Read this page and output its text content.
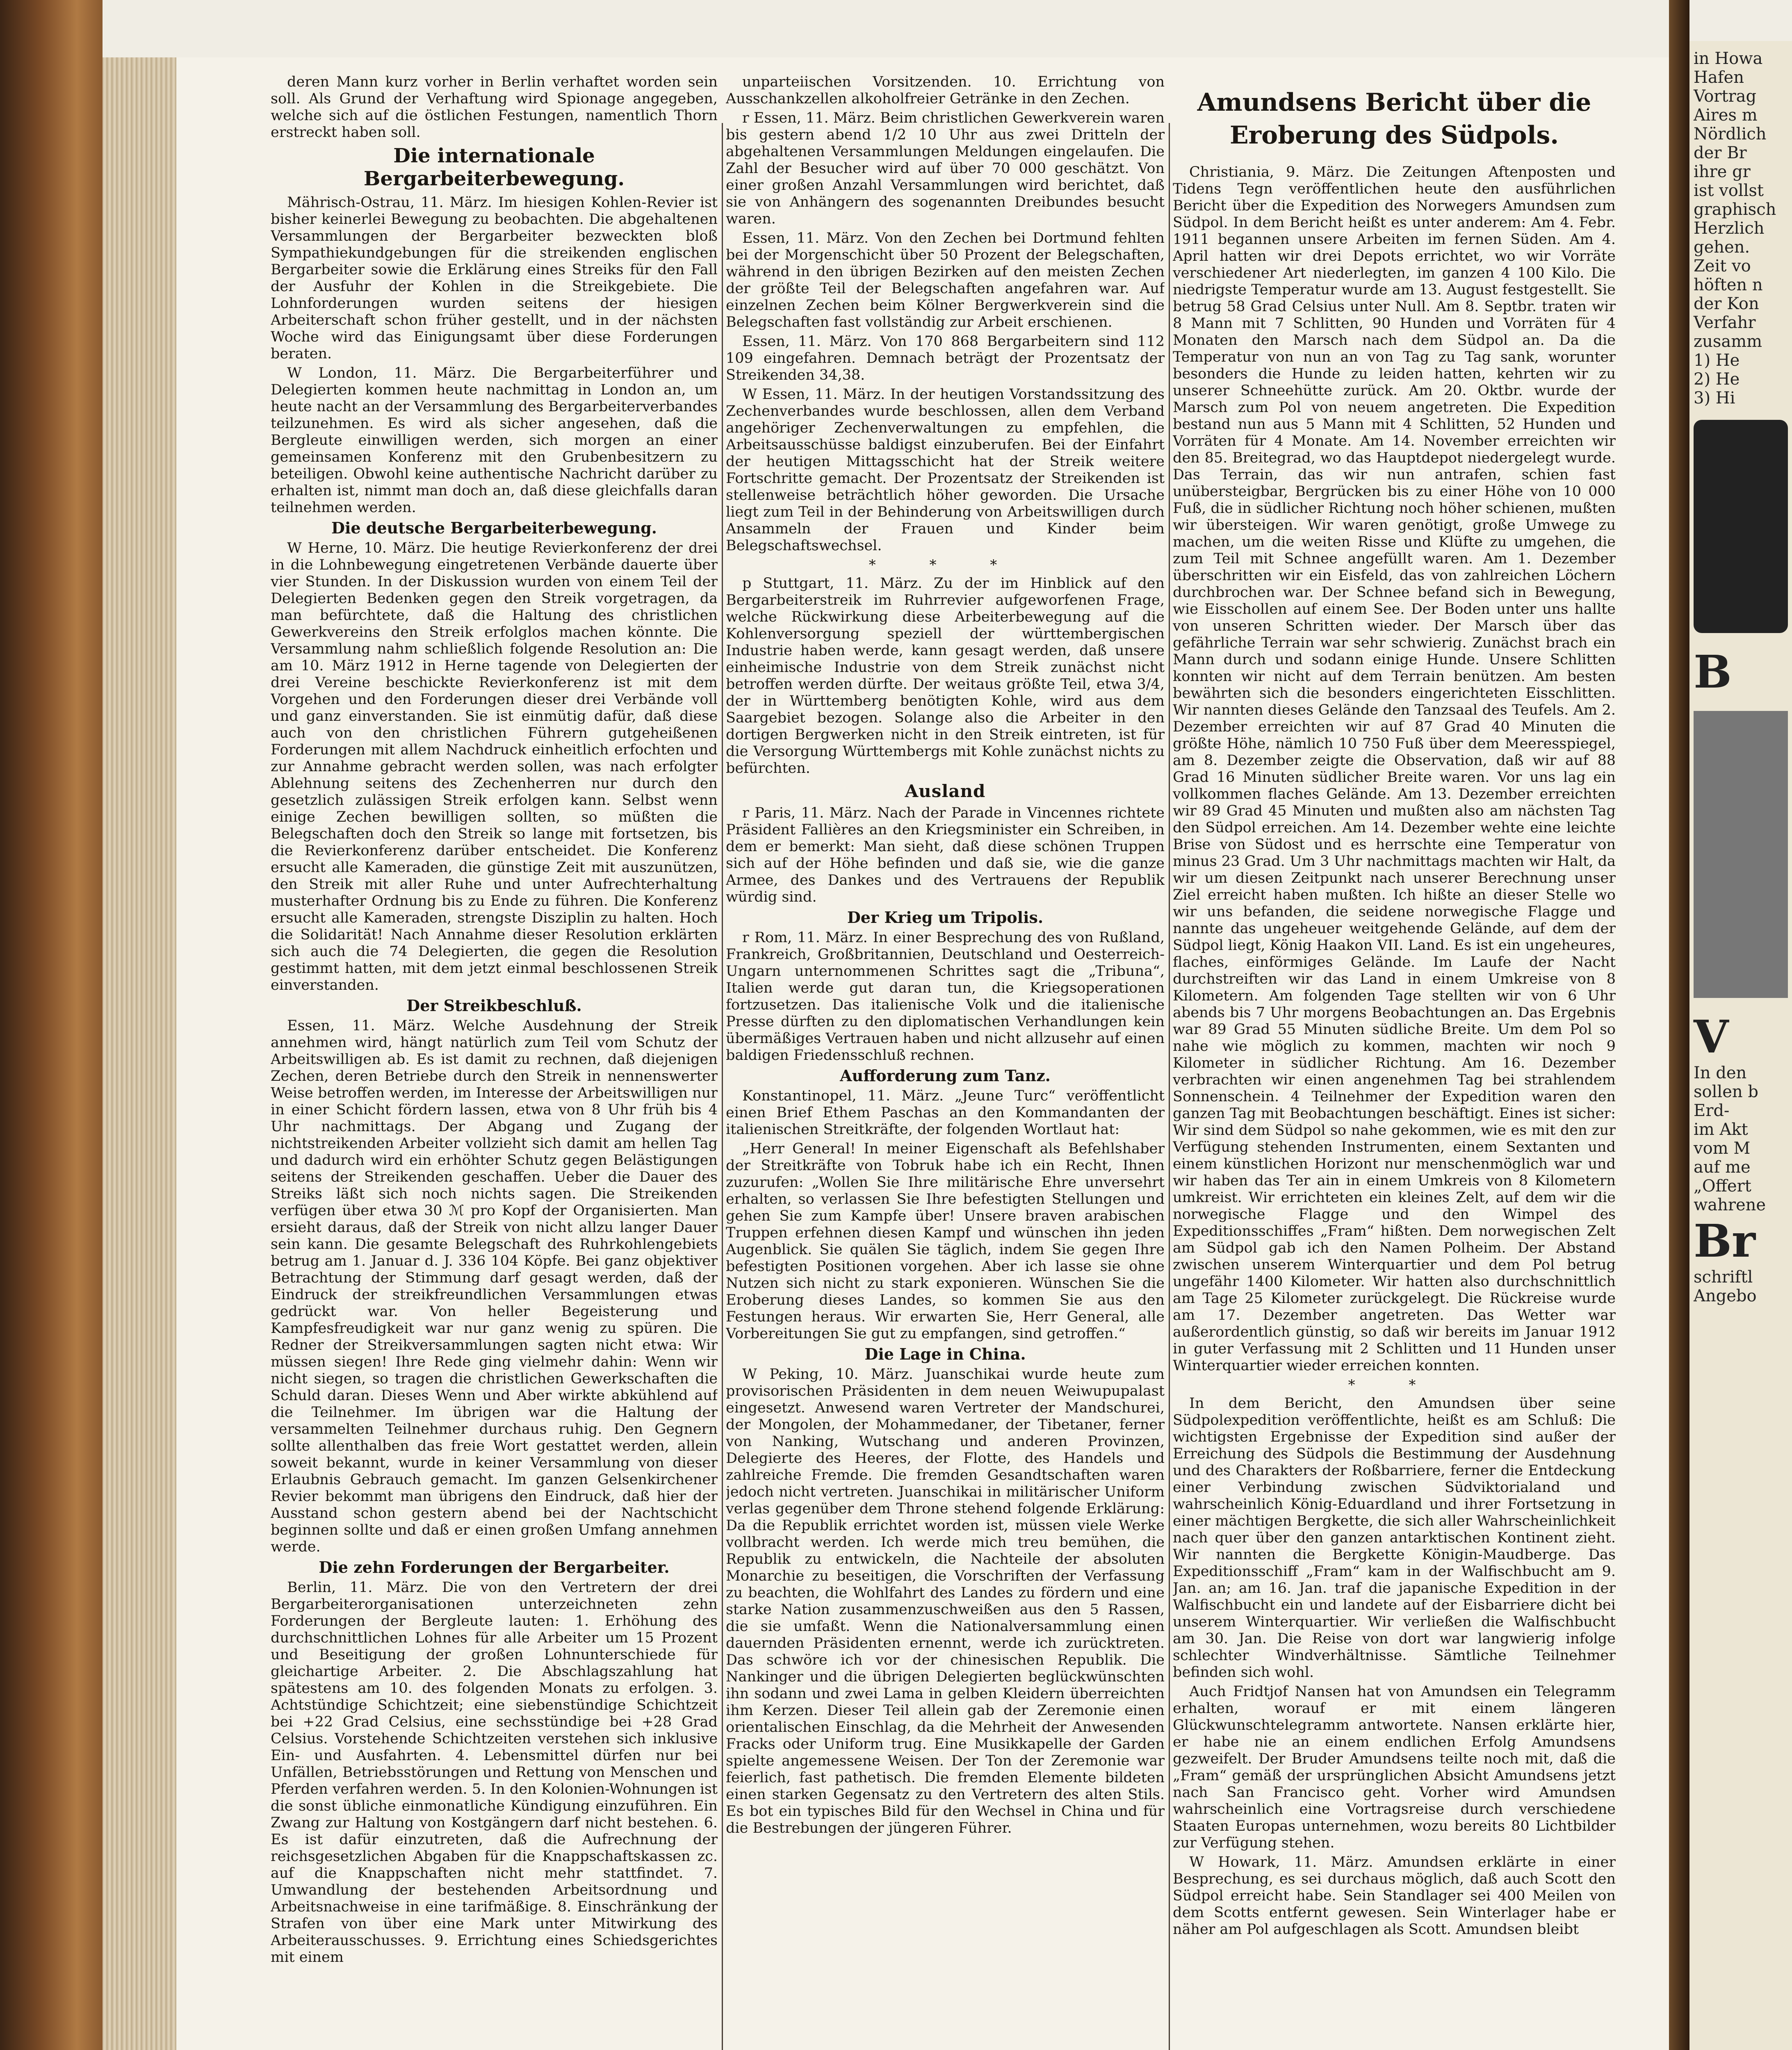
deren Mann kurz vorher in Berlin verhaftet worden sein soll. Als Grund der Verhaftung wird Spionage angegeben, welche sich auf die östlichen Festungen, namentlich Thorn erstreckt haben soll.

Die internationale Bergarbeiterbewegung.

Mährisch-Ostrau, 11. März. Im hiesigen Kohlen-Revier ist bisher keinerlei Bewegung zu beobachten. Die abgehaltenen Versammlungen der Bergarbeiter bezweckten bloß Sympathiekundgebungen für die streikenden englischen Bergarbeiter sowie die Erklärung eines Streiks für den Fall der Ausfuhr der Kohlen in die Streikgebiete. Die Lohnforderungen wurden seitens der hiesigen Arbeiterschaft schon früher gestellt, und in der nächsten Woche wird das Einigungsamt über diese Forderungen beraten.

W London, 11. März. Die Bergarbeiterführer und Delegierten kommen heute nachmittag in London an, um heute nacht an der Versammlung des Bergarbeiterverbandes teilzunehmen. Es wird als sicher angesehen, daß die Bergleute einwilligen werden, sich morgen an einer gemeinsamen Konferenz mit den Grubenbesitzern zu beteiligen. Obwohl keine authentische Nachricht darüber zu erhalten ist, nimmt man doch an, daß diese gleichfalls daran teilnehmen werden.

Die deutsche Bergarbeiterbewegung.

W Herne, 10. März. Die heutige Revierkonferenz der drei in die Lohnbewegung eingetretenen Verbände dauerte über vier Stunden. In der Diskussion wurden von einem Teil der Delegierten Bedenken gegen den Streik vorgetragen, da man befürchtete, daß die Haltung des christlichen Gewerkvereins den Streik erfolglos machen könnte. Die Versammlung nahm schließlich folgende Resolution an: Die am 10. März 1912 in Herne tagende von Delegierten der drei Vereine beschickte Revierkonferenz ist mit dem Vorgehen und den Forderungen dieser drei Verbände voll und ganz einverstanden. Sie ist einmütig dafür, daß diese auch von den christlichen Führern gutgeheißenen Forderungen mit allem Nachdruck einheitlich erfochten und zur Annahme gebracht werden sollen, was nach erfolgter Ablehnung seitens des Zechenherren nur durch den gesetzlich zulässigen Streik erfolgen kann. Selbst wenn einige Zechen bewilligen sollten, so müßten die Belegschaften doch den Streik so lange mit fortsetzen, bis die Revierkonferenz darüber entscheidet. Die Konferenz ersucht alle Kameraden, die günstige Zeit mit auszunützen, den Streik mit aller Ruhe und unter Aufrechterhaltung musterhafter Ordnung bis zu Ende zu führen. Die Konferenz ersucht alle Kameraden, strengste Disziplin zu halten. Hoch die Solidarität! Nach Annahme dieser Resolution erklärten sich auch die 74 Delegierten, die gegen die Resolution gestimmt hatten, mit dem jetzt einmal beschlossenen Streik einverstanden.

Der Streikbeschluß.

Essen, 11. März. Welche Ausdehnung der Streik annehmen wird, hängt natürlich zum Teil vom Schutz der Arbeitswilligen ab. Es ist damit zu rechnen, daß diejenigen Zechen, deren Betriebe durch den Streik in nennenswerter Weise betroffen werden, im Interesse der Arbeitswilligen nur in einer Schicht fördern lassen, etwa von 8 Uhr früh bis 4 Uhr nachmittags. Der Abgang und Zugang der nichtstreikenden Arbeiter vollzieht sich damit am hellen Tag und dadurch wird ein erhöhter Schutz gegen Belästigungen seitens der Streikenden geschaffen. Ueber die Dauer des Streiks läßt sich noch nichts sagen. Die Streikenden verfügen über etwa 30 ℳ pro Kopf der Organisierten. Man ersieht daraus, daß der Streik von nicht allzu langer Dauer sein kann. Die gesamte Belegschaft des Ruhrkohlengebiets betrug am 1. Januar d. J. 336 104 Köpfe. Bei ganz objektiver Betrachtung der Stimmung darf gesagt werden, daß der Eindruck der streikfreundlichen Versammlungen etwas gedrückt war. Von heller Begeisterung und Kampfesfreudigkeit war nur ganz wenig zu spüren. Die Redner der Streikversammlungen sagten nicht etwa: Wir müssen siegen! Ihre Rede ging vielmehr dahin: Wenn wir nicht siegen, so tragen die christlichen Gewerkschaften die Schuld daran. Dieses Wenn und Aber wirkte abkühlend auf die Teilnehmer. Im übrigen war die Haltung der versammelten Teilnehmer durchaus ruhig. Den Gegnern sollte allenthalben das freie Wort gestattet werden, allein soweit bekannt, wurde in keiner Versammlung von dieser Erlaubnis Gebrauch gemacht. Im ganzen Gelsenkirchener Revier bekommt man übrigens den Eindruck, daß hier der Ausstand schon gestern abend bei der Nachtschicht beginnen sollte und daß er einen großen Umfang annehmen werde.

Die zehn Forderungen der Bergarbeiter.

Berlin, 11. März. Die von den Vertretern der drei Bergarbeiterorganisationen unterzeichneten zehn Forderungen der Bergleute lauten: 1. Erhöhung des durchschnittlichen Lohnes für alle Arbeiter um 15 Prozent und Beseitigung der großen Lohnunterschiede für gleichartige Arbeiter. 2. Die Abschlagszahlung hat spätestens am 10. des folgenden Monats zu erfolgen. 3. Achtstündige Schichtzeit; eine siebenstündige Schichtzeit bei +22 Grad Celsius, eine sechsstündige bei +28 Grad Celsius. Vorstehende Schichtzeiten verstehen sich inklusive Ein- und Ausfahrten. 4. Lebensmittel dürfen nur bei Unfällen, Betriebsstörungen und Rettung von Menschen und Pferden verfahren werden. 5. In den Kolonien-Wohnungen ist die sonst übliche einmonatliche Kündigung einzuführen. Ein Zwang zur Haltung von Kostgängern darf nicht bestehen. 6. Es ist dafür einzutreten, daß die Aufrechnung der reichsgesetzlichen Abgaben für die Knappschaftskassen zc. auf die Knappschaften nicht mehr stattfindet. 7. Umwandlung der bestehenden Arbeitsordnung und Arbeitsnachweise in eine tarifmäßige. 8. Einschränkung der Strafen von über eine Mark unter Mitwirkung des Arbeiterausschusses. 9. Errichtung eines Schiedsgerichtes mit einem

unparteiischen Vorsitzenden. 10. Errichtung von Ausschankzellen alkoholfreier Getränke in den Zechen.

r Essen, 11. März. Beim christlichen Gewerkverein waren bis gestern abend 1/2 10 Uhr aus zwei Dritteln der abgehaltenen Versammlungen Meldungen eingelaufen. Die Zahl der Besucher wird auf über 70 000 geschätzt. Von einer großen Anzahl Versammlungen wird berichtet, daß sie von Anhängern des sogenannten Dreibundes besucht waren.

Essen, 11. März. Von den Zechen bei Dortmund fehlten bei der Morgenschicht über 50 Prozent der Belegschaften, während in den übrigen Bezirken auf den meisten Zechen der größte Teil der Belegschaften angefahren war. Auf einzelnen Zechen beim Kölner Bergwerkverein sind die Belegschaften fast vollständig zur Arbeit erschienen.

Essen, 11. März. Von 170 868 Bergarbeitern sind 112 109 eingefahren. Demnach beträgt der Prozentsatz der Streikenden 34,38.

W Essen, 11. März. In der heutigen Vorstandssitzung des Zechenverbandes wurde beschlossen, allen dem Verband angehöriger Zechenverwaltungen zu empfehlen, die Arbeitsausschüsse baldigst einzuberufen. Bei der Einfahrt der heutigen Mittagsschicht hat der Streik weitere Fortschritte gemacht. Der Prozentsatz der Streikenden ist stellenweise beträchtlich höher geworden. Die Ursache liegt zum Teil in der Behinderung von Arbeitswilligen durch Ansammeln der Frauen und Kinder beim Belegschaftswechsel.

* * *

p Stuttgart, 11. März. Zu der im Hinblick auf den Bergarbeiterstreik im Ruhrrevier aufgeworfenen Frage, welche Rückwirkung diese Arbeiterbewegung auf die Kohlenversorgung speziell der württembergischen Industrie haben werde, kann gesagt werden, daß unsere einheimische Industrie von dem Streik zunächst nicht betroffen werden dürfte. Der weitaus größte Teil, etwa 3/4, der in Württemberg benötigten Kohle, wird aus dem Saargebiet bezogen. Solange also die Arbeiter in den dortigen Bergwerken nicht in den Streik eintreten, ist für die Versorgung Württembergs mit Kohle zunächst nichts zu befürchten.

Ausland

r Paris, 11. März. Nach der Parade in Vincennes richtete Präsident Fallières an den Kriegsminister ein Schreiben, in dem er bemerkt: Man sieht, daß diese schönen Truppen sich auf der Höhe befinden und daß sie, wie die ganze Armee, des Dankes und des Vertrauens der Republik würdig sind.

Der Krieg um Tripolis.

r Rom, 11. März. In einer Besprechung des von Rußland, Frankreich, Großbritannien, Deutschland und Oesterreich-Ungarn unternommenen Schrittes sagt die „Tribuna“, Italien werde gut daran tun, die Kriegsoperationen fortzusetzen. Das italienische Volk und die italienische Presse dürften zu den diplomatischen Verhandlungen kein übermäßiges Vertrauen haben und nicht allzusehr auf einen baldigen Friedensschluß rechnen.

Aufforderung zum Tanz.

Konstantinopel, 11. März. „Jeune Turc“ veröffentlicht einen Brief Ethem Paschas an den Kommandanten der italienischen Streitkräfte, der folgenden Wortlaut hat:

„Herr General! In meiner Eigenschaft als Befehlshaber der Streitkräfte von Tobruk habe ich ein Recht, Ihnen zuzurufen: „Wollen Sie Ihre militärische Ehre unversehrt erhalten, so verlassen Sie Ihre befestigten Stellungen und gehen Sie zum Kampfe über! Unsere braven arabischen Truppen erfehnen diesen Kampf und wünschen ihn jeden Augenblick. Sie quälen Sie täglich, indem Sie gegen Ihre befestigten Positionen vorgehen. Aber ich lasse sie ohne Nutzen sich nicht zu stark exponieren. Wünschen Sie die Eroberung dieses Landes, so kommen Sie aus den Festungen heraus. Wir erwarten Sie, Herr General, alle Vorbereitungen Sie gut zu empfangen, sind getroffen.“

Die Lage in China.

W Peking, 10. März. Juanschikai wurde heute zum provisorischen Präsidenten in dem neuen Weiwupupalast eingesetzt. Anwesend waren Vertreter der Mandschurei, der Mongolen, der Mohammedaner, der Tibetaner, ferner von Nanking, Wutschang und anderen Provinzen, Delegierte des Heeres, der Flotte, des Handels und zahlreiche Fremde. Die fremden Gesandtschaften waren jedoch nicht vertreten. Juanschikai in militärischer Uniform verlas gegenüber dem Throne stehend folgende Erklärung: Da die Republik errichtet worden ist, müssen viele Werke vollbracht werden. Ich werde mich treu bemühen, die Republik zu entwickeln, die Nachteile der absoluten Monarchie zu beseitigen, die Vorschriften der Verfassung zu beachten, die Wohlfahrt des Landes zu fördern und eine starke Nation zusammenzuschweißen aus den 5 Rassen, die sie umfaßt. Wenn die Nationalversammlung einen dauernden Präsidenten ernennt, werde ich zurücktreten. Das schwöre ich vor der chinesischen Republik. Die Nankinger und die übrigen Delegierten beglückwünschten ihn sodann und zwei Lama in gelben Kleidern überreichten ihm Kerzen. Dieser Teil allein gab der Zeremonie einen orientalischen Einschlag, da die Mehrheit der Anwesenden Fracks oder Uniform trug. Eine Musikkapelle der Garden spielte angemessene Weisen. Der Ton der Zeremonie war feierlich, fast pathetisch. Die fremden Elemente bildeten einen starken Gegensatz zu den Vertretern des alten Stils. Es bot ein typisches Bild für den Wechsel in China und für die Bestrebungen der jüngeren Führer.

Amundsens Bericht über die Eroberung des Südpols.

Christiania, 9. März. Die Zeitungen Aftenposten und Tidens Tegn veröffentlichen heute den ausführlichen Bericht über die Expedition des Norwegers Amundsen zum Südpol. In dem Bericht heißt es unter anderem: Am 4. Febr. 1911 begannen unsere Arbeiten im fernen Süden. Am 4. April hatten wir drei Depots errichtet, wo wir Vorräte verschiedener Art niederlegten, im ganzen 4 100 Kilo. Die niedrigste Temperatur wurde am 13. August festgestellt. Sie betrug 58 Grad Celsius unter Null. Am 8. Septbr. traten wir 8 Mann mit 7 Schlitten, 90 Hunden und Vorräten für 4 Monaten den Marsch nach dem Südpol an. Da die Temperatur von nun an von Tag zu Tag sank, worunter besonders die Hunde zu leiden hatten, kehrten wir zu unserer Schneehütte zurück. Am 20. Oktbr. wurde der Marsch zum Pol von neuem angetreten. Die Expedition bestand nun aus 5 Mann mit 4 Schlitten, 52 Hunden und Vorräten für 4 Monate. Am 14. November erreichten wir den 85. Breitegrad, wo das Hauptdepot niedergelegt wurde. Das Terrain, das wir nun antrafen, schien fast unübersteigbar, Bergrücken bis zu einer Höhe von 10 000 Fuß, die in südlicher Richtung noch höher schienen, mußten wir übersteigen. Wir waren genötigt, große Umwege zu machen, um die weiten Risse und Klüfte zu umgehen, die zum Teil mit Schnee angefüllt waren. Am 1. Dezember überschritten wir ein Eisfeld, das von zahlreichen Löchern durchbrochen war. Der Schnee befand sich in Bewegung, wie Eisschollen auf einem See. Der Boden unter uns hallte von unseren Schritten wieder. Der Marsch über das gefährliche Terrain war sehr schwierig. Zunächst brach ein Mann durch und sodann einige Hunde. Unsere Schlitten konnten wir nicht auf dem Terrain benützen. Am besten bewährten sich die besonders eingerichteten Eisschlitten. Wir nannten dieses Gelände den Tanzsaal des Teufels. Am 2. Dezember erreichten wir auf 87 Grad 40 Minuten die größte Höhe, nämlich 10 750 Fuß über dem Meeresspiegel, am 8. Dezember zeigte die Observation, daß wir auf 88 Grad 16 Minuten südlicher Breite waren. Vor uns lag ein vollkommen flaches Gelände. Am 13. Dezember erreichten wir 89 Grad 45 Minuten und mußten also am nächsten Tag den Südpol erreichen. Am 14. Dezember wehte eine leichte Brise von Südost und es herrschte eine Temperatur von minus 23 Grad. Um 3 Uhr nachmittags machten wir Halt, da wir um diesen Zeitpunkt nach unserer Berechnung unser Ziel erreicht haben mußten. Ich hißte an dieser Stelle wo wir uns befanden, die seidene norwegische Flagge und nannte das ungeheuer weitgehende Gelände, auf dem der Südpol liegt, König Haakon VII. Land. Es ist ein ungeheures, flaches, einförmiges Gelände. Im Laufe der Nacht durchstreiften wir das Land in einem Umkreise von 8 Kilometern. Am folgenden Tage stellten wir von 6 Uhr abends bis 7 Uhr morgens Beobachtungen an. Das Ergebnis war 89 Grad 55 Minuten südliche Breite. Um dem Pol so nahe wie möglich zu kommen, machten wir noch 9 Kilometer in südlicher Richtung. Am 16. Dezember verbrachten wir einen angenehmen Tag bei strahlendem Sonnenschein. 4 Teilnehmer der Expedition waren den ganzen Tag mit Beobachtungen beschäftigt. Eines ist sicher: Wir sind dem Südpol so nahe gekommen, wie es mit den zur Verfügung stehenden Instrumenten, einem Sextanten und einem künstlichen Horizont nur menschenmöglich war und wir haben das Ter ain in einem Umkreis von 8 Kilometern umkreist. Wir errichteten ein kleines Zelt, auf dem wir die norwegische Flagge und den Wimpel des Expeditionsschiffes „Fram“ hißten. Dem norwegischen Zelt am Südpol gab ich den Namen Polheim. Der Abstand zwischen unserem Winterquartier und dem Pol betrug ungefähr 1400 Kilometer. Wir hatten also durchschnittlich am Tage 25 Kilometer zurückgelegt. Die Rückreise wurde am 17. Dezember angetreten. Das Wetter war außerordentlich günstig, so daß wir bereits im Januar 1912 in guter Verfassung mit 2 Schlitten und 11 Hunden unser Winterquartier wieder erreichen konnten.

* *

In dem Bericht, den Amundsen über seine Südpolexpedition veröffentlichte, heißt es am Schluß: Die wichtigsten Ergebnisse der Expedition sind außer der Erreichung des Südpols die Bestimmung der Ausdehnung und des Charakters der Roßbarriere, ferner die Entdeckung einer Verbindung zwischen Südviktorialand und wahrscheinlich König-Eduardland und ihrer Fortsetzung in einer mächtigen Bergkette, die sich aller Wahrscheinlichkeit nach quer über den ganzen antarktischen Kontinent zieht. Wir nannten die Bergkette Königin-Maudberge. Das Expeditionsschiff „Fram“ kam in der Walfischbucht am 9. Jan. an; am 16. Jan. traf die japanische Expedition in der Walfischbucht ein und landete auf der Eisbarriere dicht bei unserem Winterquartier. Wir verließen die Walfischbucht am 30. Jan. Die Reise von dort war langwierig infolge schlechter Windverhältnisse. Sämtliche Teilnehmer befinden sich wohl.

Auch Fridtjof Nansen hat von Amundsen ein Telegramm erhalten, worauf er mit einem längeren Glückwunschtelegramm antwortete. Nansen erklärte hier, er habe nie an einem endlichen Erfolg Amundsens gezweifelt. Der Bruder Amundsens teilte noch mit, daß die „Fram“ gemäß der ursprünglichen Absicht Amundsens jetzt nach San Francisco geht. Vorher wird Amundsen wahrscheinlich eine Vortragsreise durch verschiedene Staaten Europas unternehmen, wozu bereits 80 Lichtbilder zur Verfügung stehen.

W Howark, 11. März. Amundsen erklärte in einer Besprechung, es sei durchaus möglich, daß auch Scott den Südpol erreicht habe. Sein Standlager sei 400 Meilen von dem Scotts entfernt gewesen. Sein Winterlager habe er näher am Pol aufgeschlagen als Scott. Amundsen bleibt

in Howa
Hafen
Vortrag
Aires m
Nördlich
der Br
ihre gr
ist vollst
graphisch
Herzlich
gehen.
Zeit vo
höften n
der Kon
Verfahr
zusamm
1) He
2) He
3) Hi
B
V
In den
sollen b
Erd-
im Akt
vom M
auf me
„Offert
wahrene
Br
schriftl
Angebo
